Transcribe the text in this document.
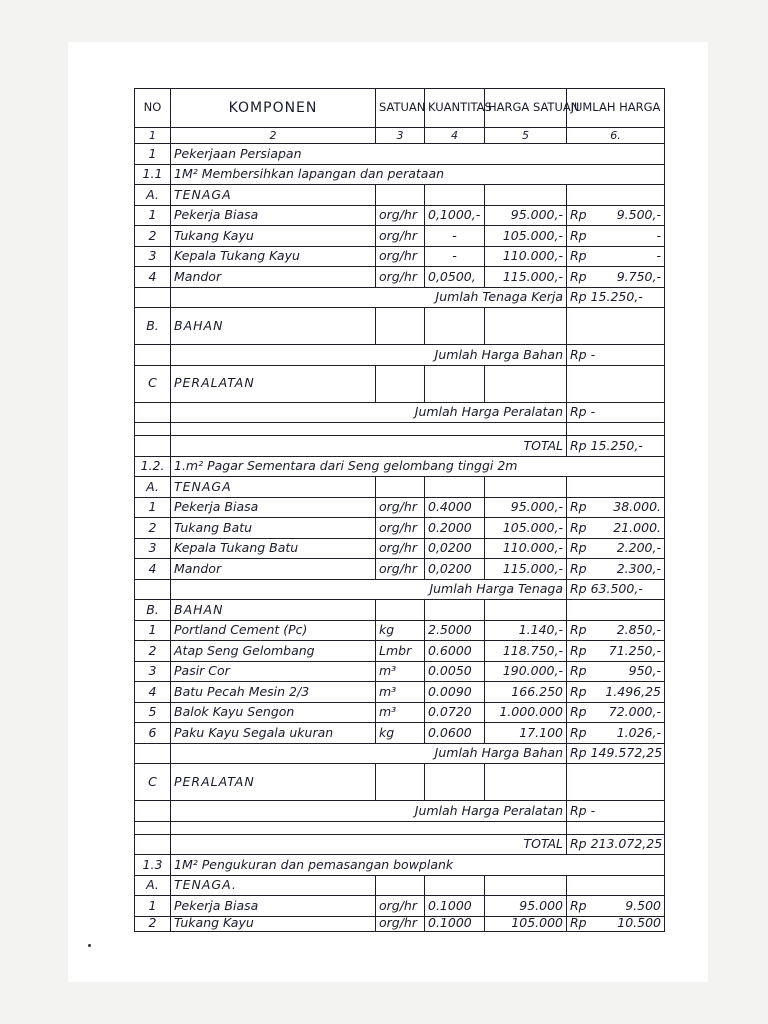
NO	KOMPONEN	SATUAN	KUANTITAS	HARGA SATUAN	JUMLAH HARGA
1	2	3	4	5	6.
1	Pekerjaan Persiapan				
1.1	1M² Membersihkan lapangan dan perataan				
A.	TENAGA				
1	Pekerja Biasa	org/hr	0,1000,-	95.000,-	Rp 9.500,-

2	Tukang Kayu	org/hr	-	105.000,-	Rp -

3	Kepala Tukang Kayu	org/hr	-	110.000,-	Rp -

4	Mandor	org/hr	0,0500,	115.000,-	Rp 9.750,-

	Jumlah Tenaga Kerja				Rp 15.250,-
B.	BAHAN				
	Jumlah Harga Bahan				Rp -
C	PERALATAN				
	Jumlah Harga Peralatan				Rp -

	TOTAL				Rp 15.250,-
1.2.	1.m² Pagar Sementara dari Seng gelombang tinggi 2m				
A.	TENAGA				
1	Pekerja Biasa	org/hr	0.4000	95.000,-	Rp 38.000.

2	Tukang Batu	org/hr	0.2000	105.000,-	Rp 21.000.

3	Kepala Tukang Batu	org/hr	0,0200	110.000,-	Rp 2.200,-

4	Mandor	org/hr	0,0200	115.000,-	Rp 2.300,-

	Jumlah Harga Tenaga				Rp 63.500,-
B.	BAHAN				
1	Portland Cement (Pc)	kg	2.5000	1.140,-	Rp 2.850,-

2	Atap Seng Gelombang	Lmbr	0.6000	118.750,-	Rp 71.250,-

3	Pasir Cor	m³	0.0050	190.000,-	Rp 950,-

4	Batu Pecah Mesin 2/3	m³	0.0090	166.250	Rp 1.496,25

5	Balok Kayu Sengon	m³	0.0720	1.000.000	Rp 72.000,-

6	Paku Kayu Segala ukuran	kg	0.0600	17.100	Rp 1.026,-

	Jumlah Harga Bahan				Rp 149.572,25
C	PERALATAN				
	Jumlah Harga Peralatan				Rp -

	TOTAL				Rp 213.072,25
1.3	1M² Pengukuran dan pemasangan bowplank				
A.	TENAGA.				
1	Pekerja Biasa	org/hr	0.1000	95.000	Rp 9.500

2	Tukang Kayu	org/hr	0.1000	105.000	Rp 10.500
